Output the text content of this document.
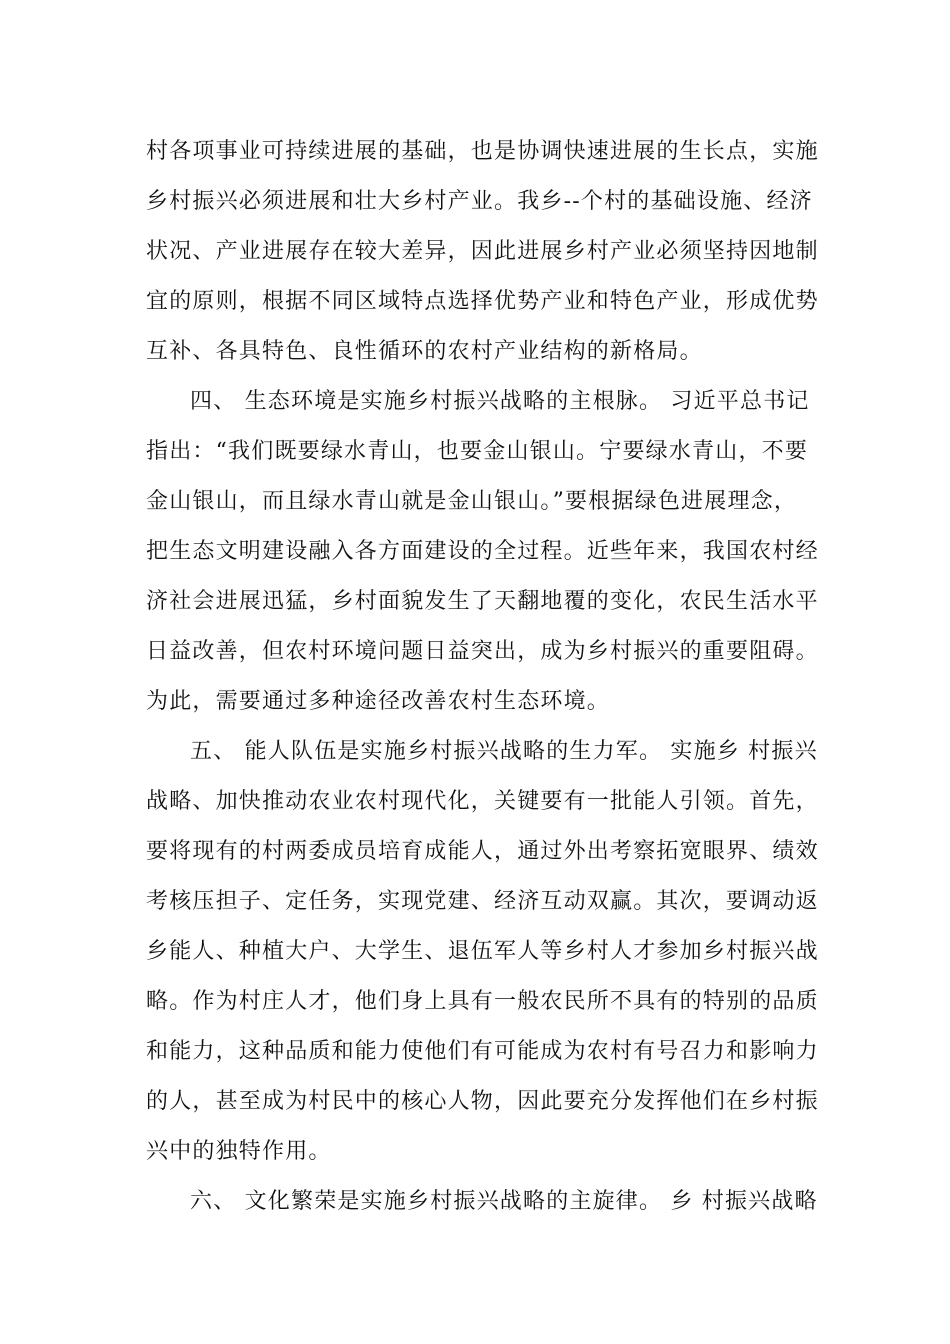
村各项事业可持续进展的基础，也是协调快速进展的生长点，实施
乡村振兴必须进展和壮大乡村产业。我乡--个村的基础设施、经济
状况、产业进展存在较大差异，因此进展乡村产业必须坚持因地制
宜的原则，根据不同区域特点选择优势产业和特色产业，形成优势
互补、各具特色、良性循环的农村产业结构的新格局。
四、 生态环境是实施乡村振兴战略的主根脉。 习近平总书记
指出：“我们既要绿水青山，也要金山银山。宁要绿水青山，不要
金山银山，而且绿水青山就是金山银山。”要根据绿色进展理念，
把生态文明建设融入各方面建设的全过程。近些年来，我国农村经
济社会进展迅猛，乡村面貌发生了天翻地覆的变化，农民生活水平
日益改善，但农村环境问题日益突出，成为乡村振兴的重要阻碍。
为此，需要通过多种途径改善农村生态环境。
五、 能人队伍是实施乡村振兴战略的生力军。 实施乡 村振兴
战略、加快推动农业农村现代化，关键要有一批能人引领。首先，
要将现有的村两委成员培育成能人，通过外出考察拓宽眼界、绩效
考核压担子、定任务，实现党建、经济互动双赢。其次，要调动返
乡能人、种植大户、大学生、退伍军人等乡村人才参加乡村振兴战
略。作为村庄人才，他们身上具有一般农民所不具有的特别的品质
和能力，这种品质和能力使他们有可能成为农村有号召力和影响力
的人，甚至成为村民中的核心人物，因此要充分发挥他们在乡村振
兴中的独特作用。
六、 文化繁荣是实施乡村振兴战略的主旋律。 乡 村振兴战略
